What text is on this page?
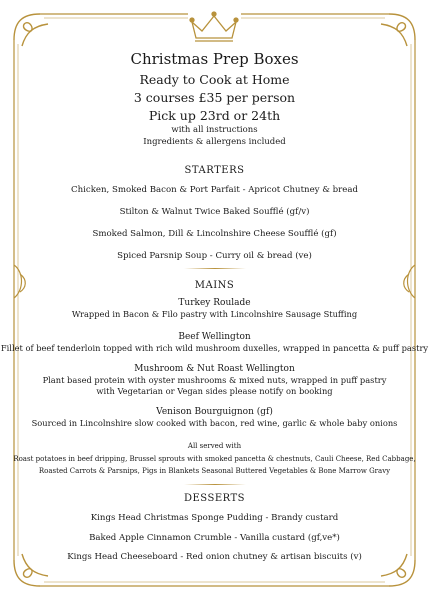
Christmas Prep Boxes
Ready to Cook at Home
3 courses £35 per person
Pick up 23rd or 24th
with all instructions
Ingredients & allergens included
STARTERS
Chicken, Smoked Bacon & Port Parfait - Apricot Chutney & bread
Stilton & Walnut Twice Baked Soufflé (gf/v)
Smoked Salmon, Dill & Lincolnshire Cheese Soufflé (gf)
Spiced Parsnip Soup - Curry oil & bread (ve)
MAINS
Turkey Roulade
Wrapped in Bacon & Filo pastry with Lincolnshire Sausage Stuffing
Beef Wellington
Fillet of beef tenderloin topped with rich wild mushroom duxelles, wrapped in pancetta & puff pastry
Mushroom & Nut Roast Wellington
Plant based protein with oyster mushrooms & mixed nuts, wrapped in puff pastry
with Vegetarian or Vegan sides please notify on booking
Venison Bourguignon (gf)
Sourced in Lincolnshire slow cooked with bacon, red wine, garlic & whole baby onions
All served with
Roast potatoes in beef dripping, Brussel sprouts with smoked pancetta & chestnuts, Cauli Cheese, Red Cabbage,
Roasted Carrots & Parsnips, Pigs in Blankets Seasonal Buttered Vegetables & Bone Marrow Gravy
DESSERTS
Kings Head Christmas Sponge Pudding - Brandy custard
Baked Apple Cinnamon Crumble - Vanilla custard (gf,ve*)
Kings Head Cheeseboard - Red onion chutney & artisan biscuits (v)
